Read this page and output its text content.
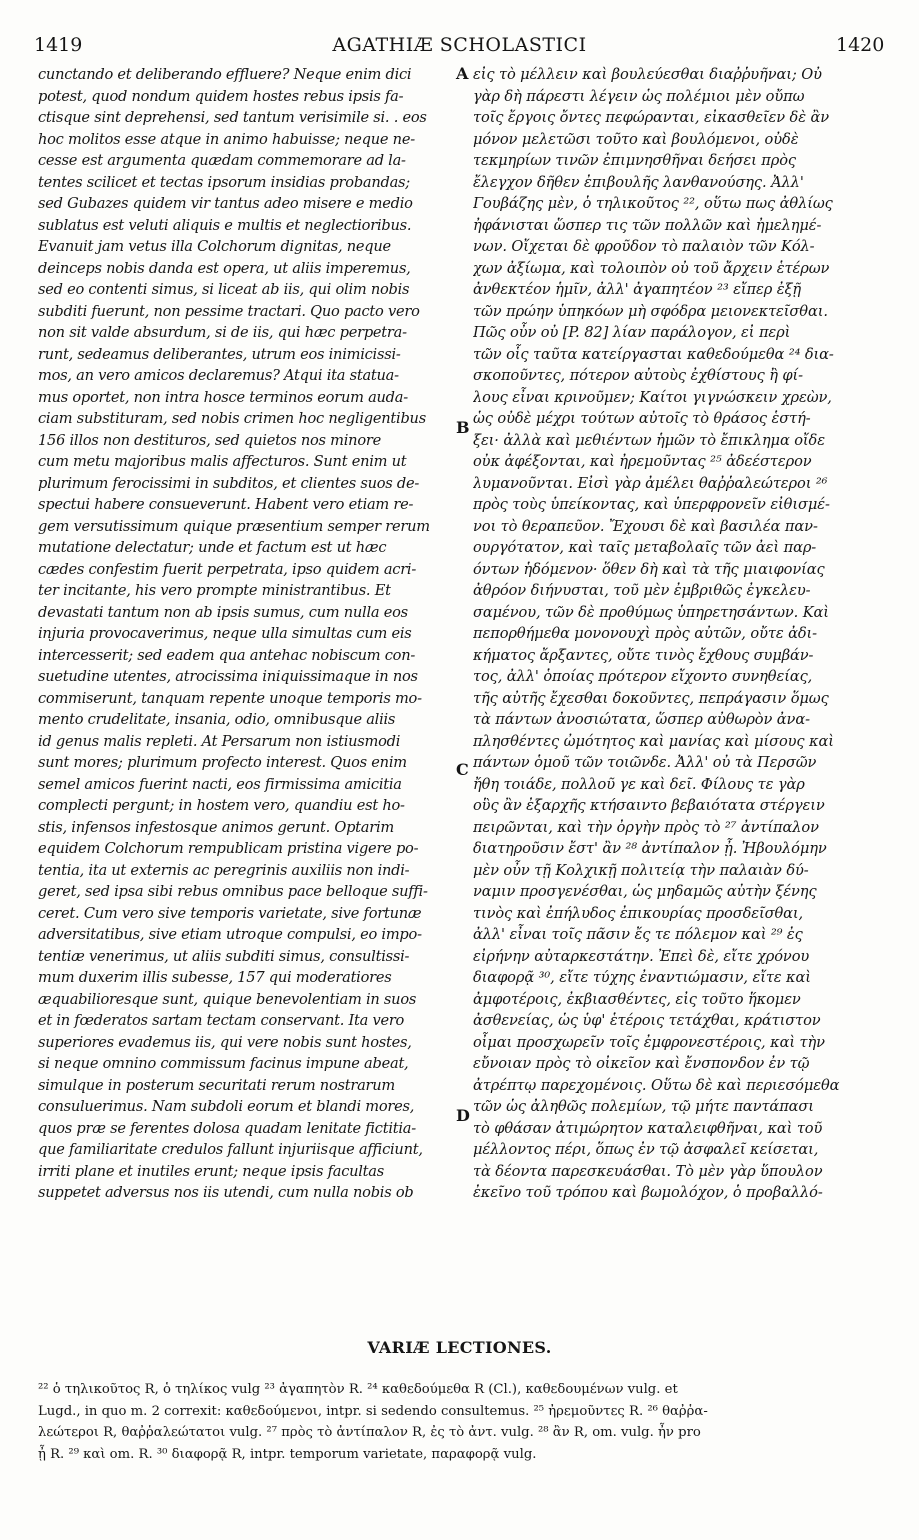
1419	AGATHIÆ SCHOLASTICI	1420
cunctando et deliberando effluere? Neque enim dici
potest, quod nondum quidem hostes rebus ipsis fa-
ctisque sint deprehensi, sed tantum verisimile si. . eos
hoc molitos esse atque in animo habuisse; neque ne-
cesse est argumenta quædam commemorare ad la-
tentes scilicet et tectas ipsorum insidias probandas;
sed Gubazes quidem vir tantus adeo misere e medio
sublatus est veluti aliquis e multis et neglectioribus.
Evanuit jam vetus illa Colchorum dignitas, neque
deinceps nobis danda est opera, ut aliis imperemus,
sed eo contenti simus, si liceat ab iis, qui olim nobis
subditi fuerunt, non pessime tractari. Quo pacto vero
non sit valde absurdum, si de iis, qui hæc perpetra-
runt, sedeamus deliberantes, utrum eos inimicissi-
mos, an vero amicos declaremus? Atqui ita statua-
mus oportet, non intra hosce terminos eorum auda-
ciam substituram, sed nobis crimen hoc negligentibus
156 illos non destituros, sed quietos nos minore
cum metu majoribus malis affecturos. Sunt enim ut
plurimum ferocissimi in subditos, et clientes suos de-
spectui habere consueverunt. Habent vero etiam re-
gem versutissimum quique præsentium semper rerum
mutatione delectatur; unde et factum est ut hæc
cædes confestim fuerit perpetrata, ipso quidem acri-
ter incitante, his vero prompte ministrantibus. Et
devastati tantum non ab ipsis sumus, cum nulla eos
injuria provocaverimus, neque ulla simultas cum eis
intercesserit; sed eadem qua antehac nobiscum con-
suetudine utentes, atrocissima iniquissimaque in nos
commiserunt, tanquam repente unoque temporis mo-
mento crudelitate, insania, odio, omnibusque aliis
id genus malis repleti. At Persarum non istiusmodi
sunt mores; plurimum profecto interest. Quos enim
semel amicos fuerint nacti, eos firmissima amicitia
complecti pergunt; in hostem vero, quandiu est ho-
stis, infensos infestosque animos gerunt. Optarim
equidem Colchorum rempublicam pristina vigere po-
tentia, ita ut externis ac peregrinis auxiliis non indi-
geret, sed ipsa sibi rebus omnibus pace belloque suffi-
ceret. Cum vero sive temporis varietate, sive fortunæ
adversitatibus, sive etiam utroque compulsi, eo impo-
tentiæ venerimus, ut aliis subditi simus, consultissi-
mum duxerim illis subesse, 157 qui moderatiores
æquabilioresque sunt, quique benevolentiam in suos
et in fœderatos sartam tectam conservant. Ita vero
superiores evademus iis, qui vere nobis sunt hostes,
si neque omnino commissum facinus impune abeat,
simulque in posterum securitati rerum nostrarum
consuluerimus. Nam subdoli eorum et blandi mores,
quos præ se ferentes dolosa quadam lenitate fictitia-
que familiaritate credulos fallunt injuriisque afficiunt,
irriti plane et inutiles erunt; neque ipsis facultas
suppetet adversus nos iis utendi, cum nulla nobis ob
εἰς τὸ μέλλειν καὶ βουλεύεσθαι διαῤῥυῆναι; Οὐ
γὰρ δὴ πάρεστι λέγειν ὡς πολέμιοι μὲν οὔπω
τοῖς ἔργοις ὄντες πεφώρανται, εἰκασθεῖεν δὲ ἂν
μόνον μελετῶσι τοῦτο καὶ βουλόμενοι, οὐδὲ
τεκμηρίων τινῶν ἐπιμνησθῆναι δεήσει πρὸς
ἔλεγχον δῆθεν ἐπιβουλῆς λανθανούσης. Ἀλλ'
Γουβάζης μὲν, ὁ τηλικοῦτος ²², οὕτω πως ἀθλίως
ἠφάνισται ὥσπερ τις τῶν πολλῶν καὶ ἠμελημέ-
νων. Οἴχεται δὲ φροῦδον τὸ παλαιὸν τῶν Κόλ-
χων ἀξίωμα, καὶ τολοιπὸν οὐ τοῦ ἄρχειν ἑτέρων
ἀνθεκτέον ἡμῖν, ἀλλ' ἀγαπητέον ²³ εἴπερ ἐξῇ
τῶν πρώην ὑπηκόων μὴ σφόδρα μειονεκτεῖσθαι.
Πῶς οὖν οὐ [P. 82] λίαν παράλογον, εἰ περὶ
τῶν οἷς ταῦτα κατείργασται καθεδούμεθα ²⁴ δια-
σκοποῦντες, πότερον αὐτοὺς ἐχθίστους ἢ φί-
λους εἶναι κρινοῦμεν; Καίτοι γιγνώσκειν χρεὼν,
ὡς οὐδὲ μέχρι τούτων αὐτοῖς τὸ θράσος ἑστή-
ξει· ἀλλὰ καὶ μεθιέντων ἡμῶν τὸ ἔπικλημα οἴδε
οὐκ ἀφέξονται, καὶ ἠρεμοῦντας ²⁵ ἀδεέστερον
λυμανοῦνται. Εἰσὶ γὰρ ἀμέλει θαῤῥαλεώτεροι ²⁶
πρὸς τοὺς ὑπείκοντας, καὶ ὑπερφρονεῖν εἰθισμέ-
νοι τὸ θεραπεῦον. Ἔχουσι δὲ καὶ βασιλέα παν-
ουργότατον, καὶ ταῖς μεταβολαῖς τῶν ἀεὶ παρ-
όντων ἡδόμενον· ὅθεν δὴ καὶ τὰ τῆς μιαιφονίας
ἀθρόον διήνυσται, τοῦ μὲν ἐμβριθῶς ἐγκελευ-
σαμένου, τῶν δὲ προθύμως ὑπηρετησάντων. Καὶ
πεπορθήμεθα μονονουχὶ πρὸς αὐτῶν, οὔτε ἀδι-
κήματος ἄρξαντες, οὔτε τινὸς ἔχθους συμβάν-
τος, ἀλλ' ὁποίας πρότερον εἴχοντο συνηθείας,
τῆς αὐτῆς ἔχεσθαι δοκοῦντες, πεπράγασιν ὅμως
τὰ πάντων ἀνοσιώτατα, ὥσπερ αὐθωρὸν ἀνα-
πλησθέντες ὠμότητος καὶ μανίας καὶ μίσους καὶ
πάντων ὁμοῦ τῶν τοιῶνδε. Ἀλλ' οὐ τὰ Περσῶν
ἤθη τοιάδε, πολλοῦ γε καὶ δεῖ. Φίλους τε γὰρ
οὓς ἂν ἐξαρχῆς κτήσαιντο βεβαιότατα στέργειν
πειρῶνται, καὶ τὴν ὀργὴν πρὸς τὸ ²⁷ ἀντίπαλον
διατηροῦσιν ἔστ' ἂν ²⁸ ἀντίπαλον ᾖ. Ἠβουλόμην
μὲν οὖν τῇ Κολχικῇ πολιτείᾳ τὴν παλαιὰν δύ-
ναμιν προσγενέσθαι, ὡς μηδαμῶς αὐτὴν ξένης
τινὸς καὶ ἐπήλυδος ἐπικουρίας προσδεῖσθαι,
ἀλλ' εἶναι τοῖς πᾶσιν ἔς τε πόλεμον καὶ ²⁹ ἐς
εἰρήνην αὐταρκεστάτην. Ἐπεὶ δὲ, εἴτε χρόνου
διαφορᾷ ³⁰, εἴτε τύχης ἐναντιώμασιν, εἴτε καὶ
ἀμφοτέροις, ἐκβιασθέντες, εἰς τοῦτο ἥκομεν
ἀσθενείας, ὡς ὑφ' ἑτέροις τετάχθαι, κράτιστον
οἶμαι προσχωρεῖν τοῖς ἐμφρονεστέροις, καὶ τὴν
εὔνοιαν πρὸς τὸ οἰκεῖον καὶ ἔνσπονδον ἐν τῷ
ἀτρέπτῳ παρεχομένοις. Οὕτω δὲ καὶ περιεσόμεθα
τῶν ὡς ἀληθῶς πολεμίων, τῷ μήτε παντάπασι
τὸ φθάσαν ἀτιμώρητον καταλειφθῆναι, καὶ τοῦ
μέλλοντος πέρι, ὅπως ἐν τῷ ἀσφαλεῖ κείσεται,
τὰ δέοντα παρεσκευάσθαι. Τὸ μὲν γὰρ ὕπουλον
ἐκεῖνο τοῦ τρόπου καὶ βωμολόχον, ὁ προβαλλό-
A
B
C
D
VARIÆ LECTIONES.
²² ὁ τηλικοῦτος R, ὁ τηλίκος vulg ²³ ἀγαπητὸν R. ²⁴ καθεδούμεθα R (Cl.), καθεδουμένων vulg. et
Lugd., in quo m. 2 correxit: καθεδούμενοι, intpr. si sedendo consultemus. ²⁵ ἠρεμοῦντες R. ²⁶ θαῤῥα-
λεώτεροι R, θαῤῥαλεώτατοι vulg. ²⁷ πρὸς τὸ ἀντίπαλον R, ἐς τὸ ἀντ. vulg. ²⁸ ἂν R, om. vulg. ἦν pro
ᾖ R. ²⁹ καὶ om. R. ³⁰ διαφορᾷ R, intpr. temporum varietate, παραφορᾷ vulg.
